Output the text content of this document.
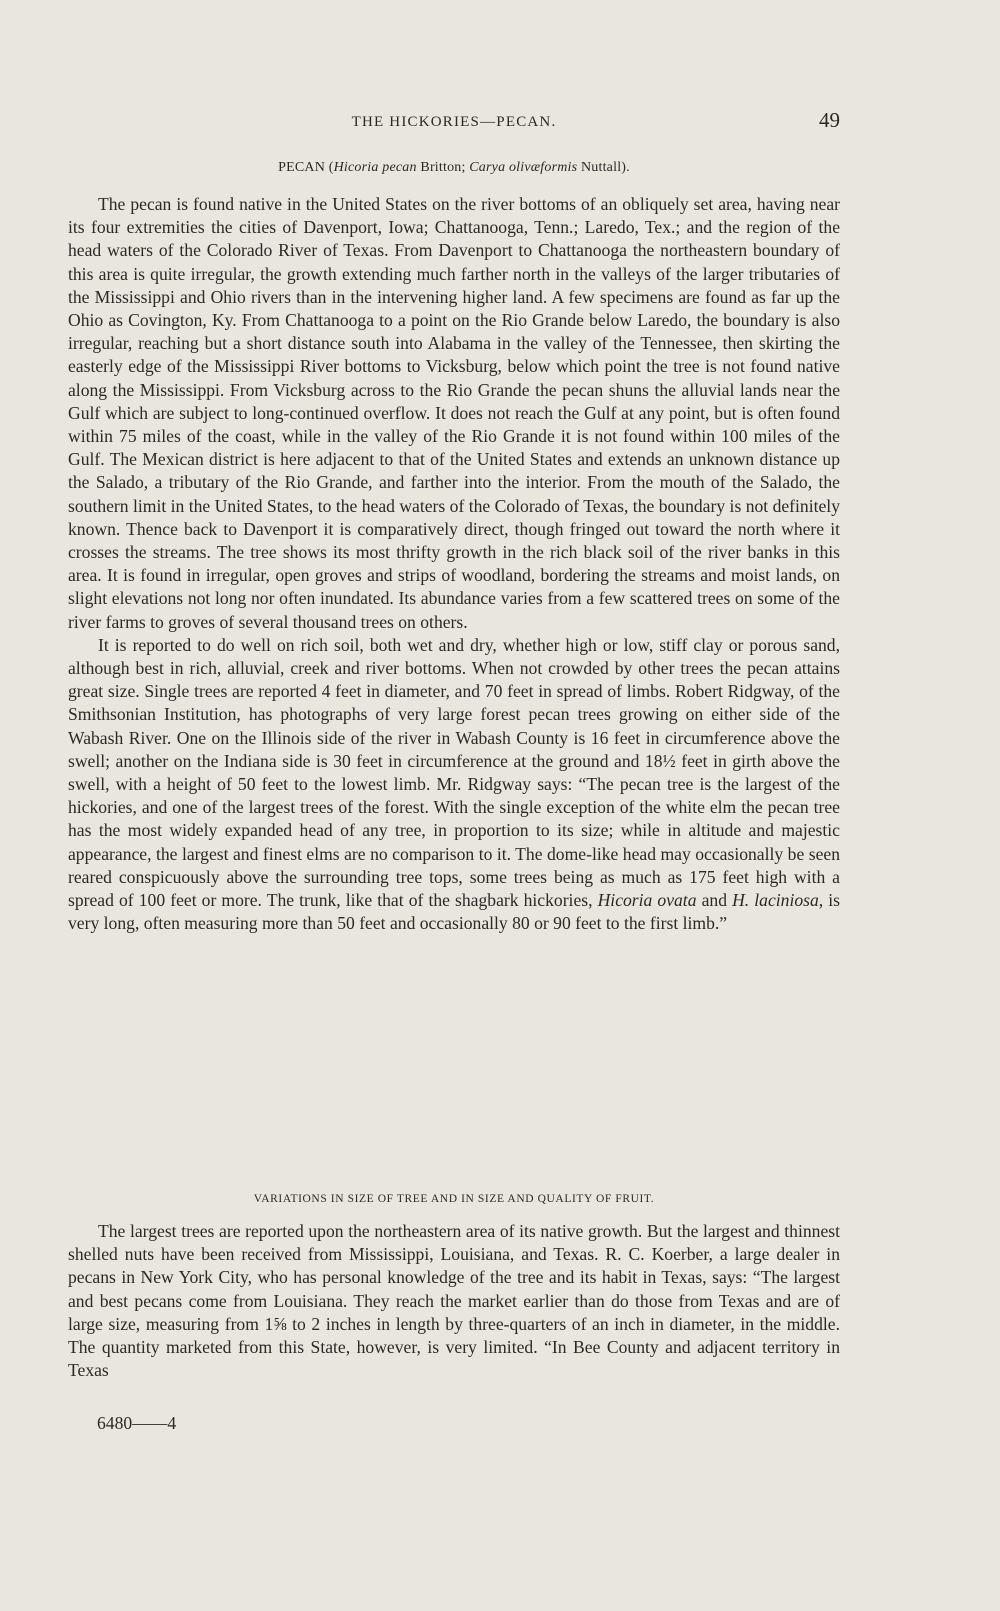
THE HICKORIES—PECAN.	49
PECAN (Hicoria pecan Britton; Carya olivæformis Nuttall).

The pecan is found native in the United States on the river bottoms of an obliquely set area, having near its four extremities the cities of Davenport, Iowa; Chattanooga, Tenn.; Laredo, Tex.; and the region of the head waters of the Colorado River of Texas. From Davenport to Chattanooga the northeastern boundary of this area is quite irregular, the growth extending much farther north in the valleys of the larger tributaries of the Mississippi and Ohio rivers than in the intervening higher land. A few specimens are found as far up the Ohio as Covington, Ky. From Chattanooga to a point on the Rio Grande below Laredo, the boundary is also irregular, reaching but a short distance south into Alabama in the valley of the Tennessee, then skirting the easterly edge of the Mississippi River bottoms to Vicksburg, below which point the tree is not found native along the Mississippi. From Vicksburg across to the Rio Grande the pecan shuns the alluvial lands near the Gulf which are subject to long-continued overflow. It does not reach the Gulf at any point, but is often found within 75 miles of the coast, while in the valley of the Rio Grande it is not found within 100 miles of the Gulf. The Mexican district is here adjacent to that of the United States and extends an unknown distance up the Salado, a tributary of the Rio Grande, and farther into the interior. From the mouth of the Salado, the southern limit in the United States, to the head waters of the Colorado of Texas, the boundary is not definitely known. Thence back to Davenport it is comparatively direct, though fringed out toward the north where it crosses the streams. The tree shows its most thrifty growth in the rich black soil of the river banks in this area. It is found in irregular, open groves and strips of woodland, bordering the streams and moist lands, on slight elevations not long nor often inundated. Its abundance varies from a few scattered trees on some of the river farms to groves of several thousand trees on others.

It is reported to do well on rich soil, both wet and dry, whether high or low, stiff clay or porous sand, although best in rich, alluvial, creek and river bottoms. When not crowded by other trees the pecan attains great size. Single trees are reported 4 feet in diameter, and 70 feet in spread of limbs. Robert Ridgway, of the Smithsonian Institution, has photographs of very large forest pecan trees growing on either side of the Wabash River. One on the Illinois side of the river in Wabash County is 16 feet in circumference above the swell; another on the Indiana side is 30 feet in circumference at the ground and 18½ feet in girth above the swell, with a height of 50 feet to the lowest limb. Mr. Ridgway says: “The pecan tree is the largest of the hickories, and one of the largest trees of the forest. With the single exception of the white elm the pecan tree has the most widely expanded head of any tree, in proportion to its size; while in altitude and majestic appearance, the largest and finest elms are no comparison to it. The dome-like head may occasionally be seen reared conspicuously above the surrounding tree tops, some trees being as much as 175 feet high with a spread of 100 feet or more. The trunk, like that of the shagbark hickories, Hicoria ovata and H. laciniosa, is very long, often measuring more than 50 feet and occasionally 80 or 90 feet to the first limb.”

VARIATIONS IN SIZE OF TREE AND IN SIZE AND QUALITY OF FRUIT.

The largest trees are reported upon the northeastern area of its native growth. But the largest and thinnest shelled nuts have been received from Mississippi, Louisiana, and Texas. R. C. Koerber, a large dealer in pecans in New York City, who has personal knowledge of the tree and its habit in Texas, says: “The largest and best pecans come from Louisiana. They reach the market earlier than do those from Texas and are of large size, measuring from 1⅝ to 2 inches in length by three-quarters of an inch in diameter, in the middle. The quantity marketed from this State, however, is very limited. “In Bee County and adjacent territory in Texas

6480——4
